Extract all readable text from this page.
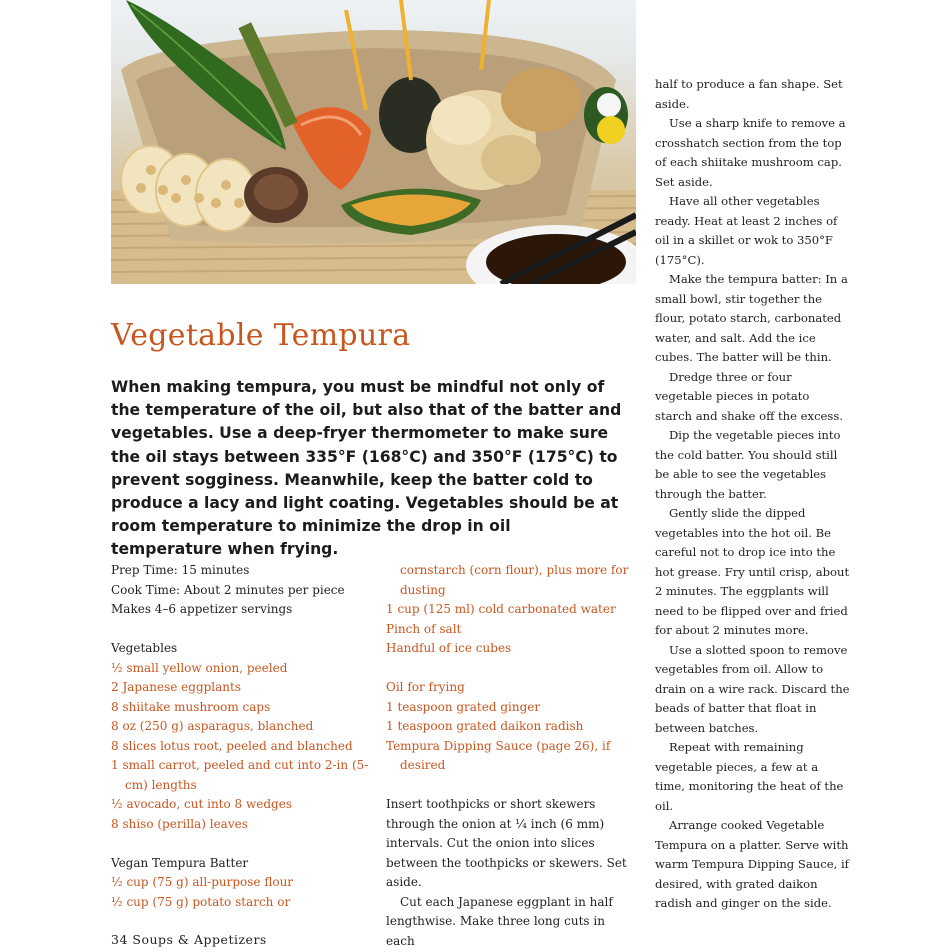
Vegetable Tempura

When making tempura, you must be mindful not only of the temperature of the oil, but also that of the batter and vegetables. Use a deep-fryer thermometer to make sure the oil stays between 335°F (168°C) and 350°F (175°C) to prevent sogginess. Meanwhile, keep the batter cold to produce a lacy and light coating. Vegetables should be at room temperature to minimize the drop in oil temperature when frying.

Prep Time: 15 minutes

Cook Time: About 2 minutes per piece

Makes 4–6 appetizer servings

Vegetables

½ small yellow onion, peeled

2 Japanese eggplants

8 shiitake mushroom caps

8 oz (250 g) asparagus, blanched

8 slices lotus root, peeled and blanched

1 small carrot, peeled and cut into 2-in (5-cm) lengths

½ avocado, cut into 8 wedges

8 shiso (perilla) leaves

Vegan Tempura Batter

½ cup (75 g) all-purpose flour

½ cup (75 g) potato starch or

cornstarch (corn flour), plus more for dusting

1 cup (125 ml) cold carbonated water

Pinch of salt

Handful of ice cubes

Oil for frying

1 teaspoon grated ginger

1 teaspoon grated daikon radish

Tempura Dipping Sauce (page 26), if desired

Insert toothpicks or short skewers through the onion at ¼ inch (6 mm) intervals. Cut the onion into slices between the toothpicks or skewers. Set aside.

Cut each Japanese eggplant in half lengthwise. Make three long cuts in each

half to produce a fan shape. Set aside.

Use a sharp knife to remove a crosshatch section from the top of each shiitake mushroom cap. Set aside.

Have all other vegetables ready. Heat at least 2 inches of oil in a skillet or wok to 350°F (175°C).

Make the tempura batter: In a small bowl, stir together the flour, potato starch, carbonated water, and salt. Add the ice cubes. The batter will be thin.

Dredge three or four vegetable pieces in potato starch and shake off the excess.

Dip the vegetable pieces into the cold batter. You should still be able to see the vegetables through the batter.

Gently slide the dipped vegetables into the hot oil. Be careful not to drop ice into the hot grease. Fry until crisp, about 2 minutes. The eggplants will need to be flipped over and fried for about 2 minutes more.

Use a slotted spoon to remove vegetables from oil. Allow to drain on a wire rack. Discard the beads of batter that float in between batches.

Repeat with remaining vegetable pieces, a few at a time, monitoring the heat of the oil.

Arrange cooked Vegetable Tempura on a platter. Serve with warm Tempura Dipping Sauce, if desired, with grated daikon radish and ginger on the side.

34 Soups & Appetizers
